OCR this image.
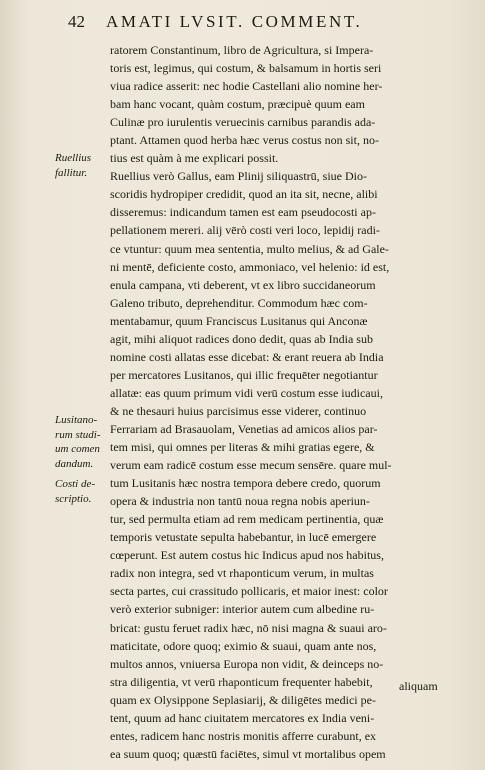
42 AMATI LVSIT. COMMENT.
ratorem Constantinum, libro de Agricultura, si Impera-
toris est, legimus, qui costum, & balsamum in hortis seri
viua radice asserit: nec hodie Castellani alio nomine her-
bam hanc vocant, quàm costum, præcipuè quum eam
Culinæ pro iurulentis veruecinis carnibus parandis ada-
ptant. Attamen quod herba hæc verus costus non sit, no-
tius est quàm à me explicari possit.
Ruellius verò Gallus, eam Plinij siliquastrū, siue Dio-
scoridis hydropiper credidit, quod an ita sit, necne, alibi
disseremus: indicandum tamen est eam pseudocosti ap-
pellationem mereri. alij vērò costi veri loco, lepidij radi-
ce vtuntur: quum mea sententia, multo melius, & ad Gale-
ni mentē, deficiente costo, ammoniaco, vel helenio: id est,
enula campana, vti deberent, vt ex libro succidaneorum
Galeno tributo, deprehenditur. Commodum hæc com-
mentabamur, quum Franciscus Lusitanus qui Anconæ
agit, mihi aliquot radices dono dedit, quas ab India sub
nomine costi allatas esse dicebat: & erant reuera ab India
per mercatores Lusitanos, qui illic frequēter negotiantur
allatæ: eas quum primum vidi verū costum esse iudicaui,
& ne thesauri huius parcisimus esse viderer, continuo
Ferrariam ad Brasauolam, Venetias ad amicos alios par-
tem misi, qui omnes per literas & mihi gratias egere, &
verum eam radicē costum esse mecum sensēre. quare mul-
tum Lusitanis hæc nostra tempora debere credo, quorum
opera & industria non tantū noua regna nobis aperiun-
tur, sed permulta etiam ad rem medicam pertinentia, quæ
temporis vetustate sepulta habebantur, in lucē emergere
cœperunt. Est autem costus hic Indicus apud nos habitus,
radix non integra, sed vt rhaponticum verum, in multas
secta partes, cui crassitudo pollicaris, et maior inest: color
verò exterior subniger: interior autem cum albedine ru-
bricat: gustu feruet radix hæc, nō nisi magna & suaui aro-
maticitate, odore quoq; eximio & suaui, quam ante nos,
multos annos, vniuersa Europa non vidit, & deinceps no-
stra diligentia, vt verū rhaponticum frequenter habebit,
quam ex Olysippone Seplasiarij, & diligētes medici pe-
tent, quum ad hanc ciuitatem mercatores ex India veni-
entes, radicem hanc nostris monitis afferre curabunt, ex
ea suum quoq; quæstū faciētes, simul vt mortalibus opem
Ruellius
fallitur.
Lusitano-
rum studi-
um comen
dandum.
Costi de-
scriptio.
aliquam
